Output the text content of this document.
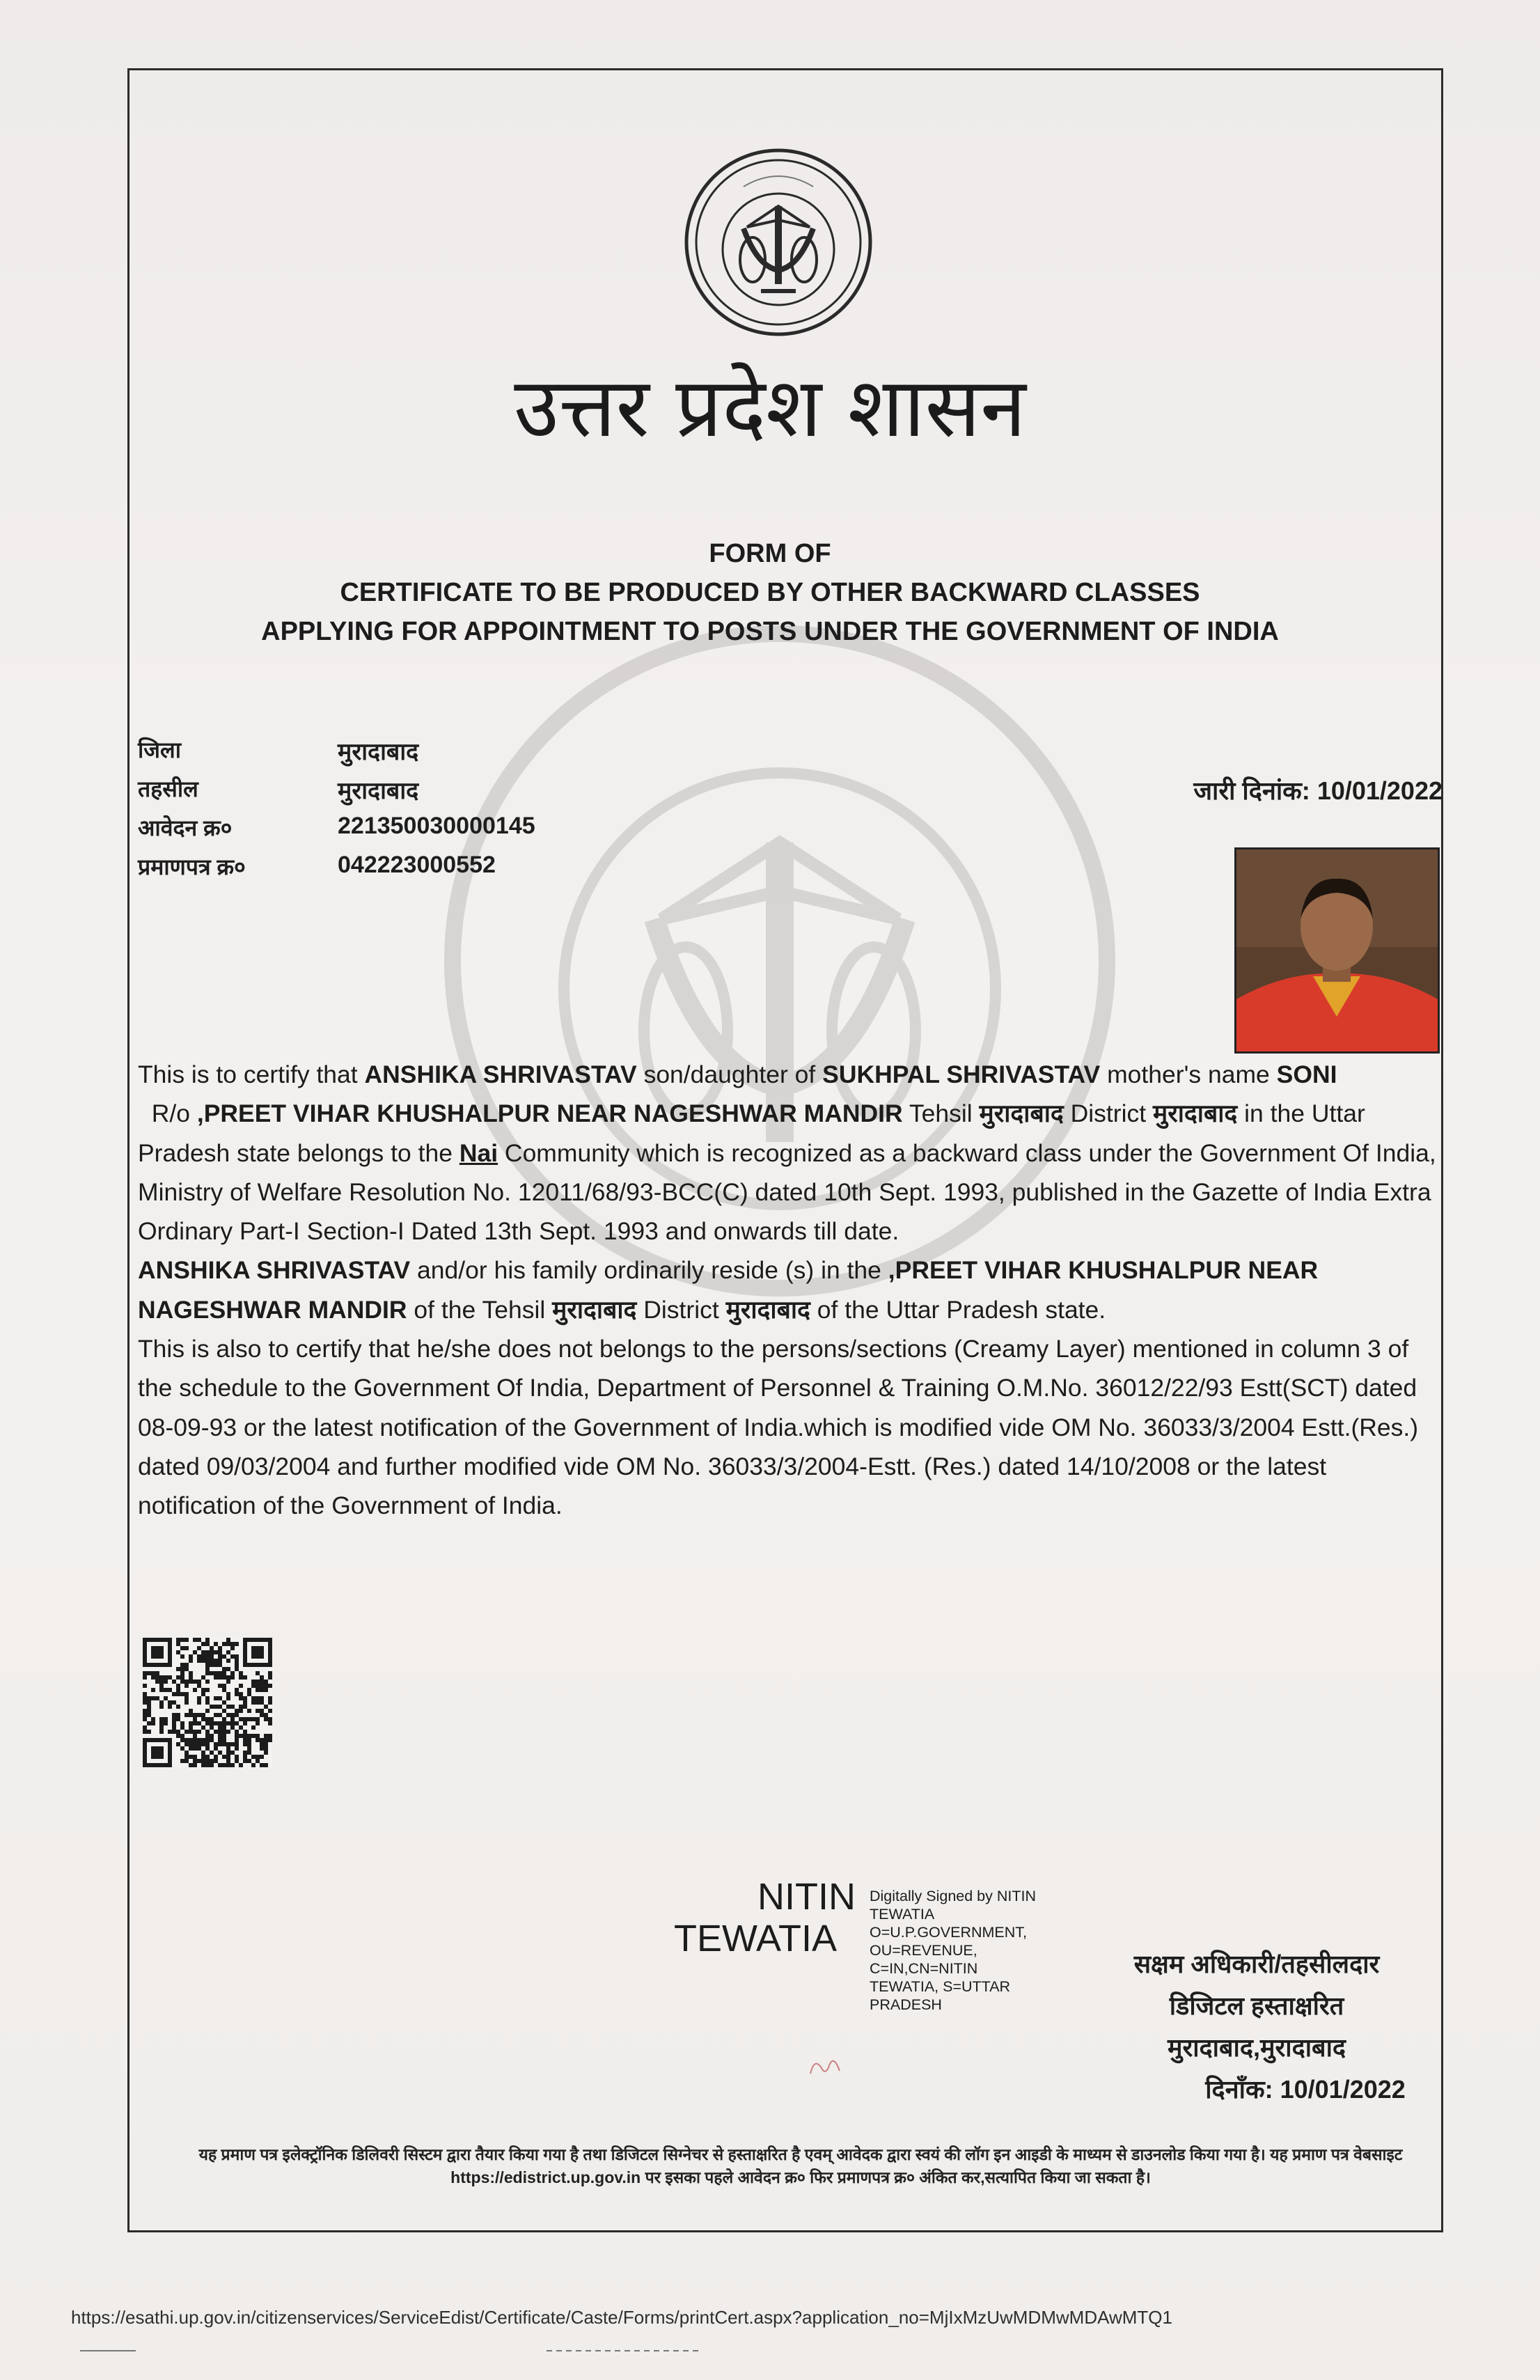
उत्तर प्रदेश शासन
FORM OF
CERTIFICATE TO BE PRODUCED BY OTHER BACKWARD CLASSES
APPLYING FOR APPOINTMENT TO POSTS UNDER THE GOVERNMENT OF INDIA
जिला	मुरादाबाद
तहसील	मुरादाबाद
आवेदन क्र०	221350030000145
प्रमाणपत्र क्र०	042223000552
जारी दिनांक: 10/01/2022
This is to certify that ANSHIKA SHRIVASTAV son/daughter of SUKHPAL SHRIVASTAV mother's name SONI  R/o ,PREET VIHAR KHUSHALPUR NEAR NAGESHWAR MANDIR Tehsil मुरादाबाद District मुरादाबाद in the Uttar Pradesh state belongs to the Nai Community which is recognized as a backward class under the Government Of India, Ministry of Welfare Resolution No. 12011/68/93-BCC(C) dated 10th Sept. 1993, published in the Gazette of India Extra Ordinary Part-I Section-I Dated 13th Sept. 1993 and onwards till date.
ANSHIKA SHRIVASTAV and/or his family ordinarily reside (s) in the ,PREET VIHAR KHUSHALPUR NEAR NAGESHWAR MANDIR of the Tehsil मुरादाबाद District मुरादाबाद of the Uttar Pradesh state.
This is also to certify that he/she does not belongs to the persons/sections (Creamy Layer) mentioned in column 3 of the schedule to the Government Of India, Department of Personnel & Training O.M.No. 36012/22/93 Estt(SCT) dated 08-09-93 or the latest notification of the Government of India.which is modified vide OM No. 36033/3/2004 Estt.(Res.) dated 09/03/2004 and further modified vide OM No. 36033/3/2004-Estt. (Res.) dated 14/10/2008 or the latest notification of the Government of India.
NITIN
TEWATIA
Digitally Signed by NITIN TEWATIA
O=U.P.GOVERNMENT,
OU=REVENUE,
C=IN,CN=NITIN
TEWATIA, S=UTTAR
PRADESH
सक्षम अधिकारी/तहसीलदार
डिजिटल हस्ताक्षरित
मुरादाबाद,मुरादाबाद
दिनाँक: 10/01/2022
यह प्रमाण पत्र इलेक्ट्रॉनिक डिलिवरी सिस्टम द्वारा तैयार किया गया है तथा डिजिटल सिग्नेचर से हस्ताक्षरित है एवम् आवेदक द्वारा स्वयं की लॉग इन आइडी के माध्यम से डाउनलोड किया गया है। यह प्रमाण पत्र वेबसाइट https://edistrict.up.gov.in पर इसका पहले आवेदन क्र० फिर प्रमाणपत्र क्र० अंकित कर,सत्यापित किया जा सकता है।
https://esathi.up.gov.in/citizenservices/ServiceEdist/Certificate/Caste/Forms/printCert.aspx?application_no=MjIxMzUwMDMwMDAwMTQ1
